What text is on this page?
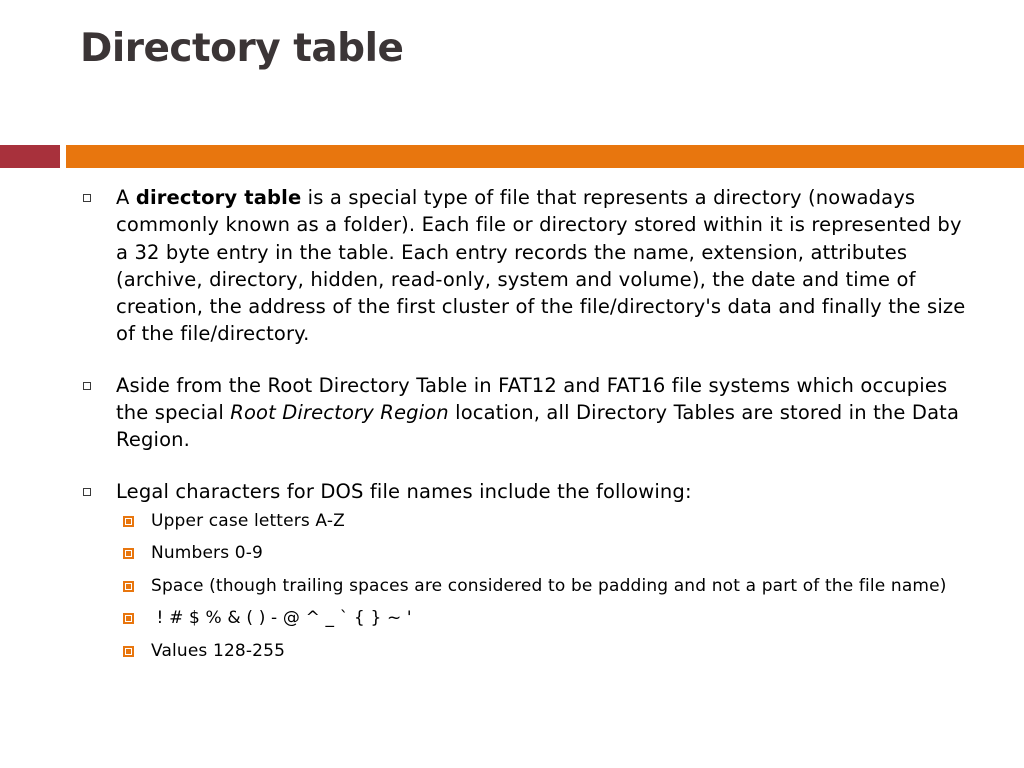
Directory table
A directory table is a special type of file that represents a directory (nowadays commonly known as a folder). Each file or directory stored within it is represented by a 32 byte entry in the table. Each entry records the name, extension, attributes (archive, directory, hidden, read-only, system and volume), the date and time of creation, the address of the first cluster of the file/directory's data and finally the size of the file/directory.
Aside from the Root Directory Table in FAT12 and FAT16 file systems which occupies the special Root Directory Region location, all Directory Tables are stored in the Data Region.
Legal characters for DOS file names include the following:
Upper case letters A-Z
Numbers 0-9
Space (though trailing spaces are considered to be padding and not a part of the file name)
! # $ % & ( ) - @ ^ _ ` { } ~ '
Values 128-255
